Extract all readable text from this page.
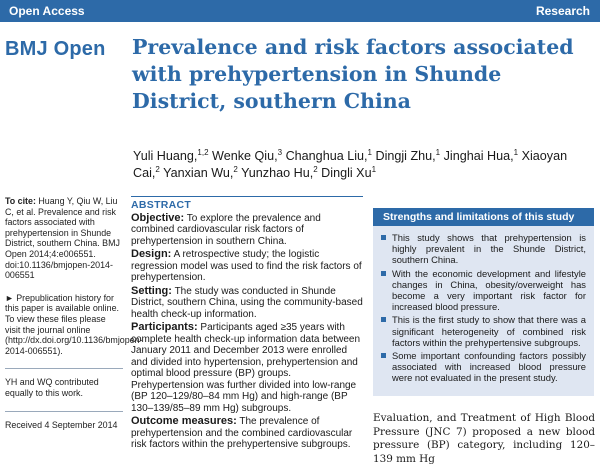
Open Access	Research
BMJ Open Prevalence and risk factors associated with prehypertension in Shunde District, southern China
Yuli Huang,$^{1,2}$ Wenke Qiu,$^3$ Changhua Liu,$^1$ Dingji Zhu,$^1$ Jinghai Hua,$^1$ Xiaoyan Cai,$^2$ Yanxian Wu,$^2$ Yunzhao Hu,$^2$ Dingli Xu$^1$

To cite: Huang Y, Qiu W, Liu C, et al. Prevalence and risk factors associated with prehypertension in Shunde District, southern China. BMJ Open 2014;4:e006551. doi:10.1136/bmjopen-2014-006551

► Prepublication history for this paper is available online. To view these files please visit the journal online (http://dx.doi.org/10.1136/bmjopen-2014-006551).

YH and WQ contributed equally to this work.

Received 4 September 2014

ABSTRACT

Objective: To explore the prevalence and combined cardiovascular risk factors of prehypertension in southern China.

Design: A retrospective study; the logistic regression model was used to find the risk factors of prehypertension.

Setting: The study was conducted in Shunde District, southern China, using the community-based health check-up information.

Participants: Participants aged ≥35 years with complete health check-up information data between January 2011 and December 2013 were enrolled and divided into hypertension, prehypertension and optimal blood pressure (BP) groups. Prehypertension was further divided into low-range (BP 120–129/80–84 mm Hg) and high-range (BP 130–139/85–89 mm Hg) subgroups.

Outcome measures: The prevalence of prehypertension and the combined cardiovascular risk factors within the prehypertensive subgroups.

Strengths and limitations of this study
This study shows that prehypertension is highly prevalent in the Shunde District, southern China.
With the economic development and lifestyle changes in China, obesity/overweight has become a very important risk factor for increased blood pressure.
This is the first study to show that there was a significant heterogeneity of combined risk factors within the prehypertensive subgroups.
Some important confounding factors possibly associated with increased blood pressure were not evaluated in the present study.

Evaluation, and Treatment of High Blood Pressure (JNC 7) proposed a new blood pressure (BP) category, including 120–139 mm Hg
